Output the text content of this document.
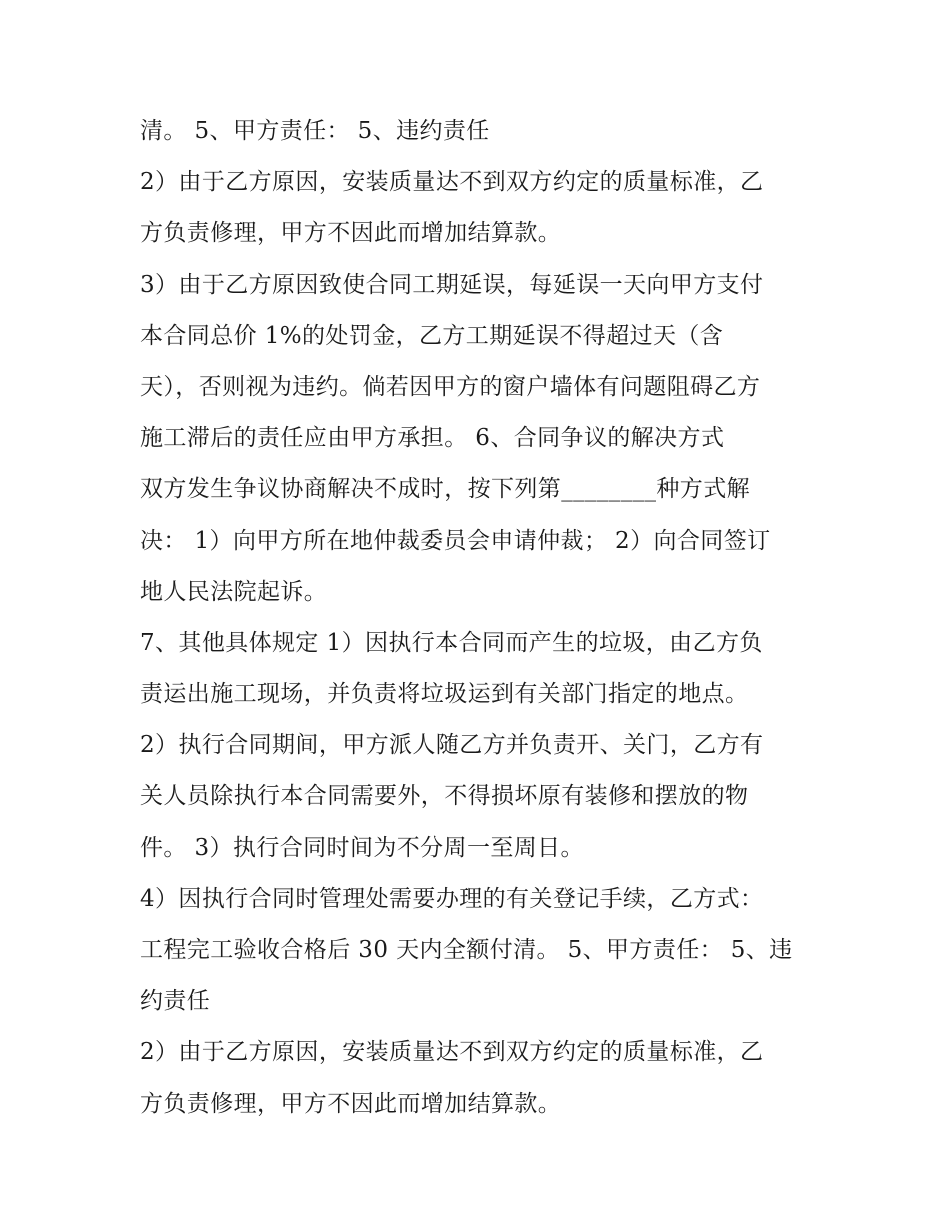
清。 5、甲方责任： 5、违约责任
2）由于乙方原因，安装质量达不到双方约定的质量标准，乙
方负责修理，甲方不因此而增加结算款。
3）由于乙方原因致使合同工期延误，每延误一天向甲方支付
本合同总价 1%的处罚金，乙方工期延误不得超过天（含
天），否则视为违约。倘若因甲方的窗户墙体有问题阻碍乙方
施工滞后的责任应由甲方承担。 6、合同争议的解决方式
双方发生争议协商解决不成时，按下列第________种方式解
决： 1）向甲方所在地仲裁委员会申请仲裁； 2）向合同签订
地人民法院起诉。
7、其他具体规定 1）因执行本合同而产生的垃圾，由乙方负
责运出施工现场，并负责将垃圾运到有关部门指定的地点。
2）执行合同期间，甲方派人随乙方并负责开、关门，乙方有
关人员除执行本合同需要外，不得损坏原有装修和摆放的物
件。 3）执行合同时间为不分周一至周日。
4）因执行合同时管理处需要办理的有关登记手续，乙方式：
工程完工验收合格后 30 天内全额付清。 5、甲方责任： 5、违
约责任
2）由于乙方原因，安装质量达不到双方约定的质量标准，乙
方负责修理，甲方不因此而增加结算款。
